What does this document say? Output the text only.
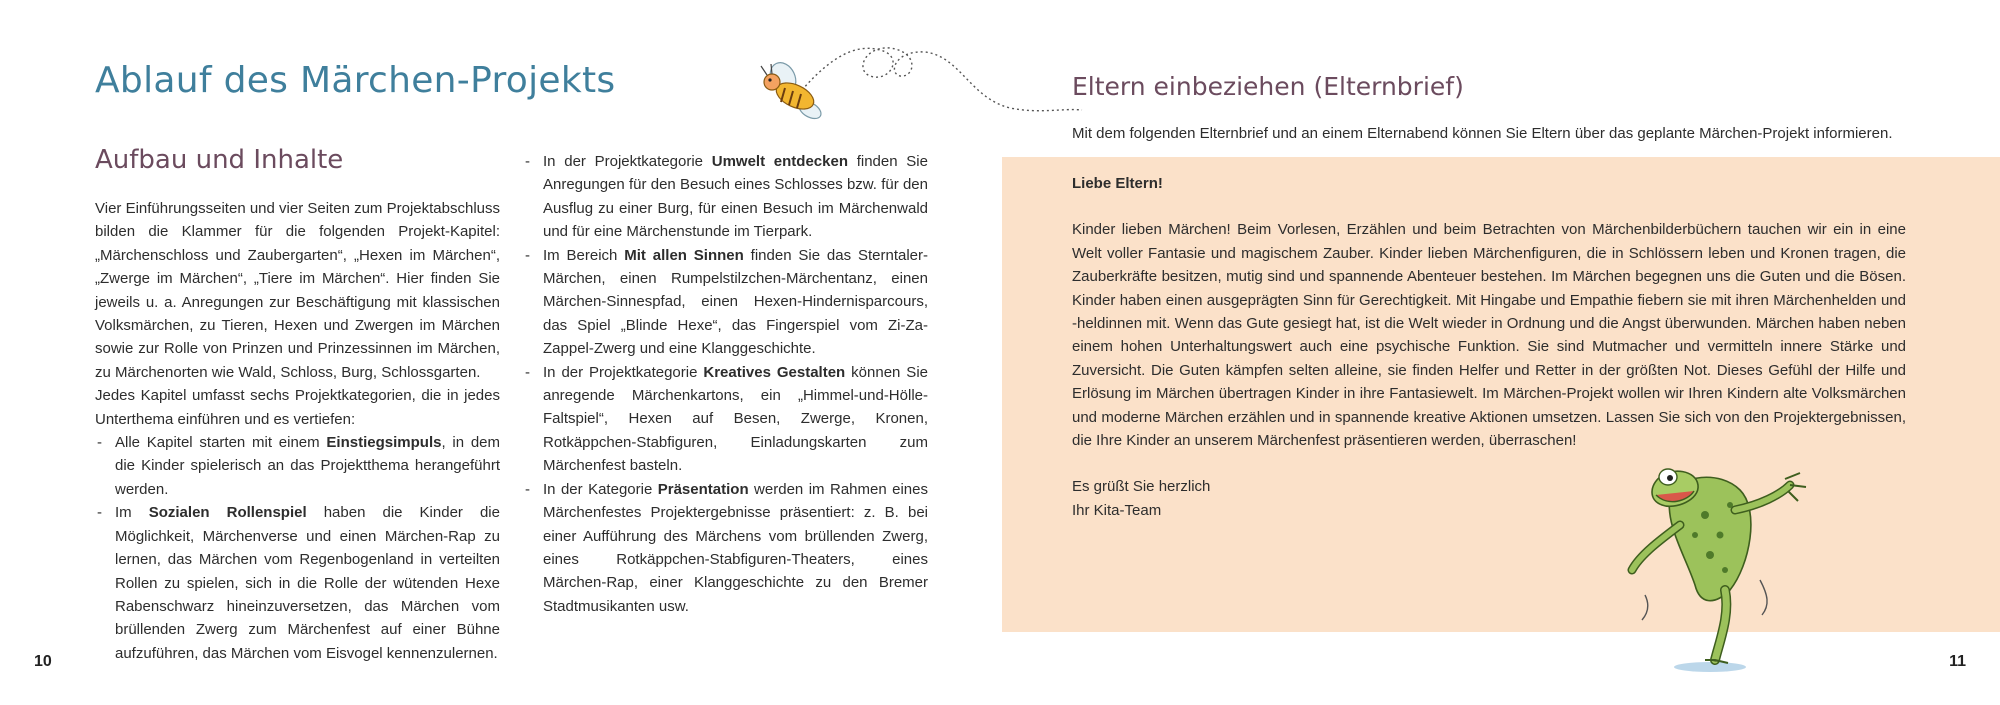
Ablauf des Märchen-Projekts
Aufbau und Inhalte

Vier Einführungsseiten und vier Seiten zum Projektabschluss bilden die Klammer für die folgenden Projekt-Kapitel: „Märchenschloss und Zaubergarten“, „Hexen im Märchen“, „Zwerge im Märchen“, „Tiere im Märchen“. Hier finden Sie jeweils u. a. Anregungen zur Beschäftigung mit klassischen Volksmärchen, zu Tieren, Hexen und Zwergen im Märchen sowie zur Rolle von Prinzen und Prinzessinnen im Märchen, zu Märchenorten wie Wald, Schloss, Burg, Schlossgarten.

Jedes Kapitel umfasst sechs Projektkategorien, die in jedes Unterthema einführen und es vertiefen:

- Alle Kapitel starten mit einem Einstiegsimpuls, in dem die Kinder spielerisch an das Projektthema herangeführt werden.
- Im Sozialen Rollenspiel haben die Kinder die Möglichkeit, Märchenverse und einen Märchen-Rap zu lernen, das Märchen vom Regenbogenland in verteilten Rollen zu spielen, sich in die Rolle der wütenden Hexe Rabenschwarz hineinzuversetzen, das Märchen vom brüllenden Zwerg zum Märchenfest auf einer Bühne aufzuführen, das Märchen vom Eisvogel kennenzulernen.
- In der Projektkategorie Umwelt entdecken finden Sie Anregungen für den Besuch eines Schlosses bzw. für den Ausflug zu einer Burg, für einen Besuch im Märchenwald und für eine Märchenstunde im Tierpark.
- Im Bereich Mit allen Sinnen finden Sie das Sterntaler-Märchen, einen Rumpelstilzchen-Märchentanz, einen Märchen-Sinnespfad, einen Hexen-Hindernisparcours, das Spiel „Blinde Hexe“, das Fingerspiel vom Zi-Za-Zappel-Zwerg und eine Klanggeschichte.
- In der Projektkategorie Kreatives Gestalten können Sie anregende Märchenkartons, ein „Himmel-und-Hölle-Faltspiel“, Hexen auf Besen, Zwerge, Kronen, Rotkäppchen-Stabfiguren, Einladungskarten zum Märchenfest basteln.
- In der Kategorie Präsentation werden im Rahmen eines Märchenfestes Projektergebnisse präsentiert: z. B. bei einer Aufführung des Märchens vom brüllenden Zwerg, eines Rotkäppchen-Stabfiguren-Theaters, eines Märchen-Rap, einer Klanggeschichte zu den Bremer Stadtmusikanten usw.
10
Eltern einbeziehen (Elternbrief)

Mit dem folgenden Elternbrief und an einem Elternabend können Sie Eltern über das geplante Märchen-Projekt informieren.

Liebe Eltern!

Kinder lieben Märchen! Beim Vorlesen, Erzählen und beim Betrachten von Märchenbilderbüchern tauchen wir ein in eine Welt voller Fantasie und magischem Zauber. Kinder lieben Märchenfiguren, die in Schlössern leben und Kronen tragen, die Zauberkräfte besitzen, mutig sind und spannende Abenteuer bestehen. Im Märchen begegnen uns die Guten und die Bösen. Kinder haben einen ausgeprägten Sinn für Gerechtigkeit. Mit Hingabe und Empathie fiebern sie mit ihren Märchenhelden und -heldinnen mit. Wenn das Gute gesiegt hat, ist die Welt wieder in Ordnung und die Angst überwunden. Märchen haben neben einem hohen Unterhaltungswert auch eine psychische Funktion. Sie sind Mutmacher und vermitteln innere Stärke und Zuversicht. Die Guten kämpfen selten alleine, sie finden Helfer und Retter in der größten Not. Dieses Gefühl der Hilfe und Erlösung im Märchen übertragen Kinder in ihre Fantasiewelt. Im Märchen-Projekt wollen wir Ihren Kindern alte Volksmärchen und moderne Märchen erzählen und in spannende kreative Aktionen umsetzen. Lassen Sie sich von den Projektergebnissen, die Ihre Kinder an unserem Märchenfest präsentieren werden, überraschen!

Es grüßt Sie herzlich

Ihr Kita-Team

11
